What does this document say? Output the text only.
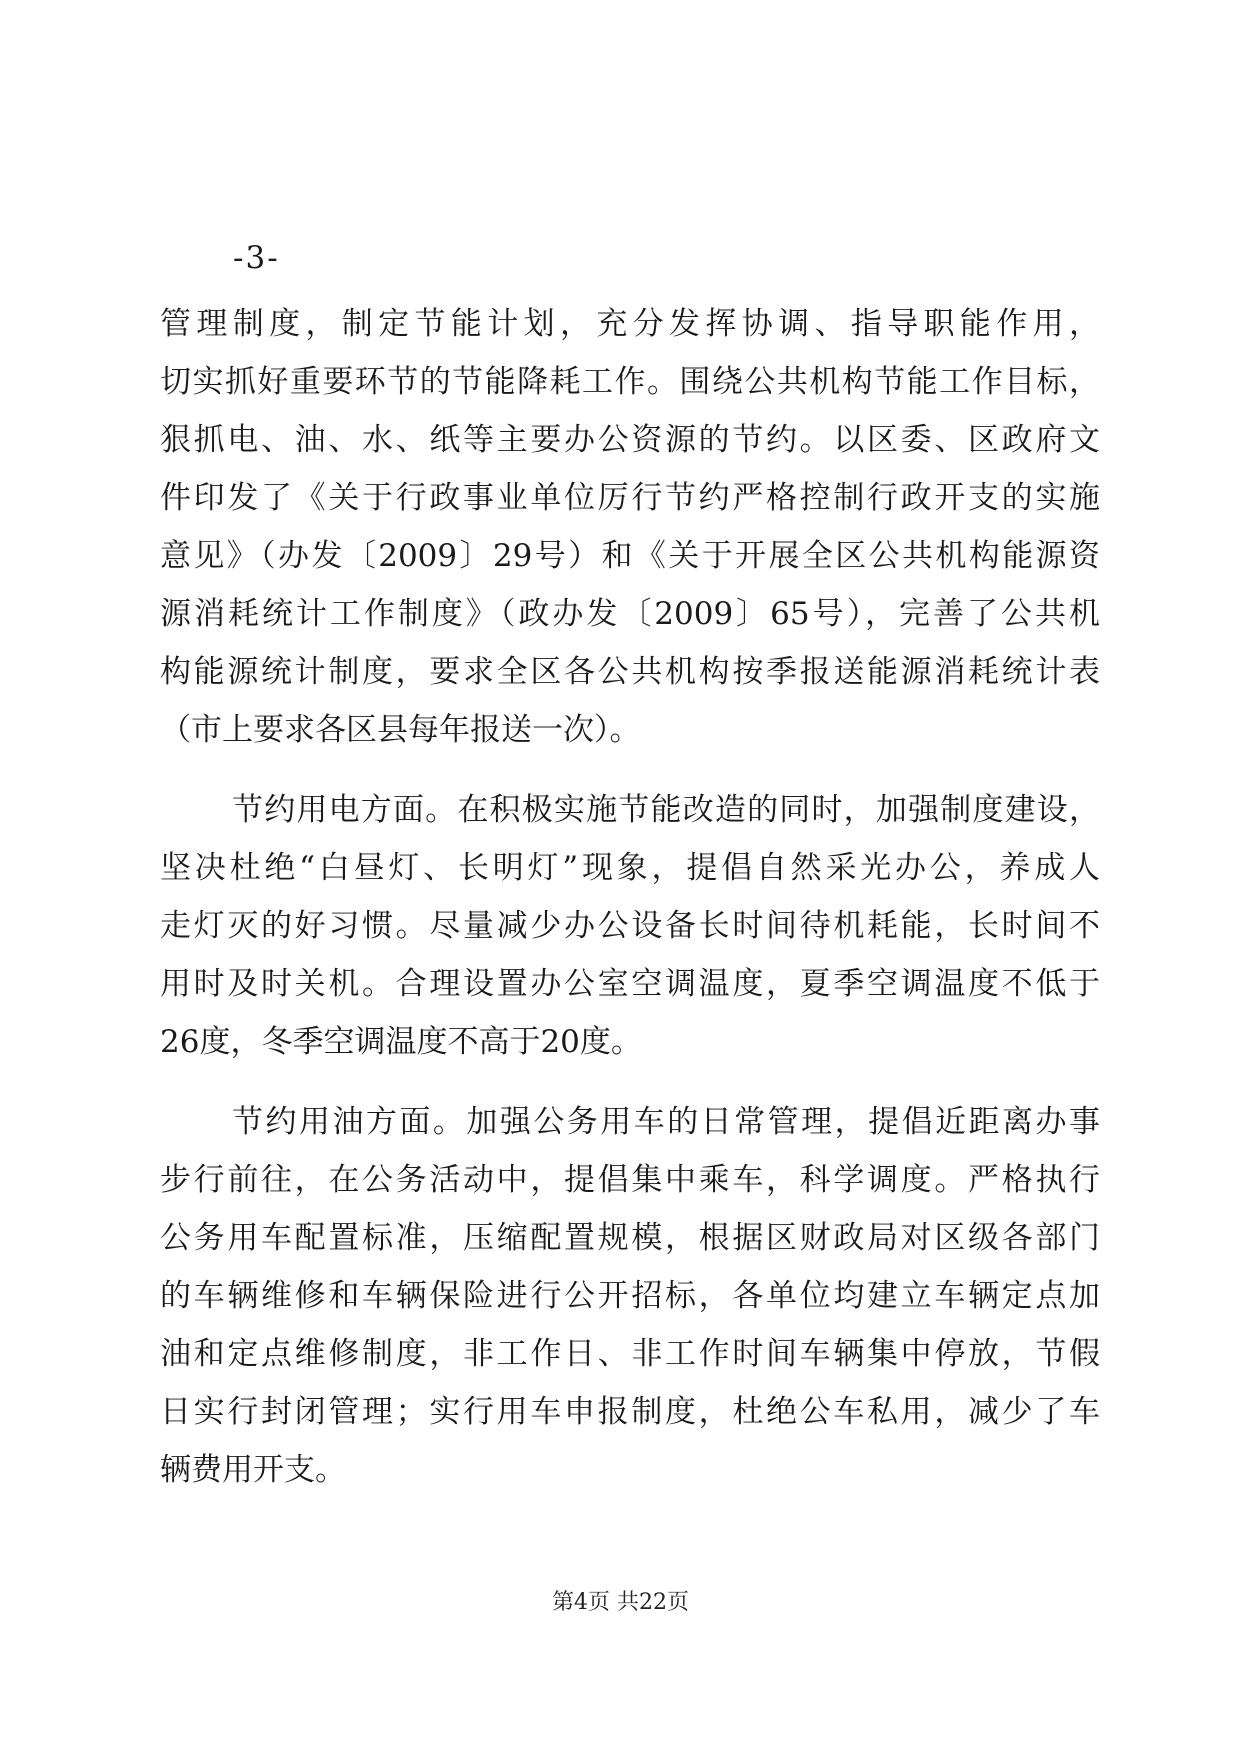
-3-
管理制度，制定节能计划，充分发挥协调、指导职能作用，
切实抓好重要环节的节能降耗工作。围绕公共机构节能工作目标，
狠抓电、油、水、纸等主要办公资源的节约。以区委、区政府文
件印发了《关于行政事业单位厉行节约严格控制行政开支的实施
意见》（办发〔2009〕29号）和《关于开展全区公共机构能源资
源消耗统计工作制度》（政办发〔2009〕65号），完善了公共机
构能源统计制度，要求全区各公共机构按季报送能源消耗统计表
（市上要求各区县每年报送一次）。
节约用电方面。在积极实施节能改造的同时，加强制度建设，
坚决杜绝“白昼灯、长明灯”现象，提倡自然采光办公，养成人
走灯灭的好习惯。尽量减少办公设备长时间待机耗能，长时间不
用时及时关机。合理设置办公室空调温度，夏季空调温度不低于
26度，冬季空调温度不高于20度。
节约用油方面。加强公务用车的日常管理，提倡近距离办事
步行前往，在公务活动中，提倡集中乘车，科学调度。严格执行
公务用车配置标准，压缩配置规模，根据区财政局对区级各部门
的车辆维修和车辆保险进行公开招标，各单位均建立车辆定点加
油和定点维修制度，非工作日、非工作时间车辆集中停放，节假
日实行封闭管理；实行用车申报制度，杜绝公车私用，减少了车
辆费用开支。
第4页 共22页
